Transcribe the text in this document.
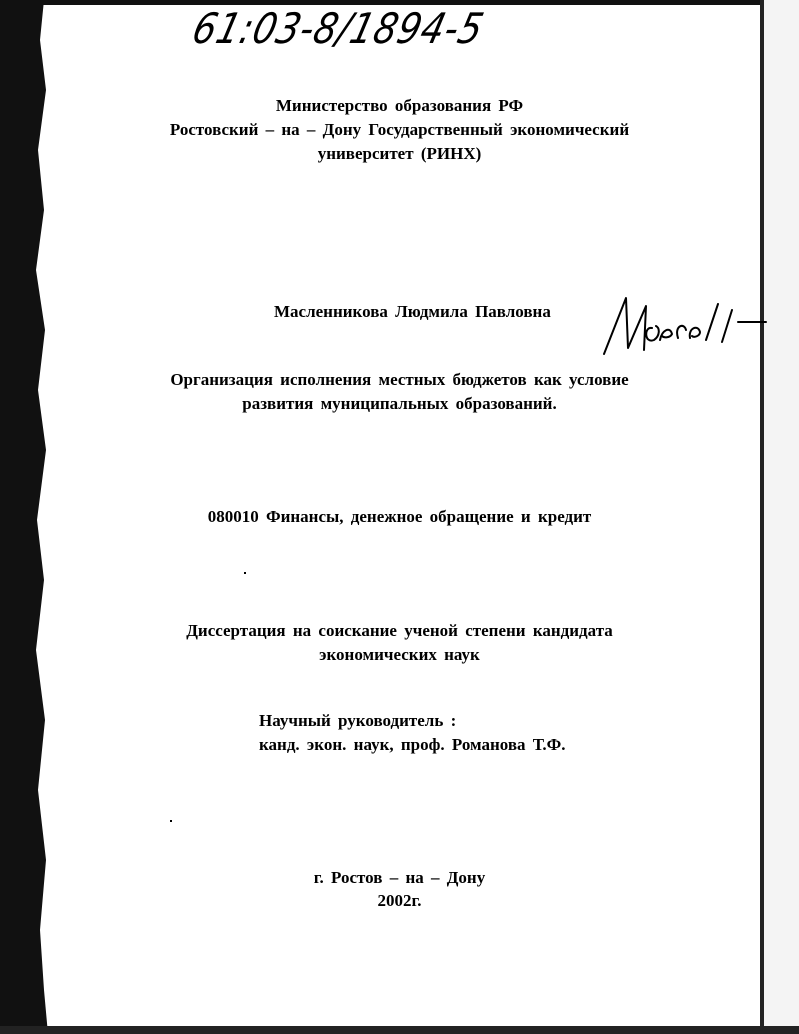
61:03-8/1894-5
Министерство образования РФ
Ростовский – на – Дону Государственный экономический
университет (РИНХ)
Масленникова Людмила Павловна
Организация исполнения местных бюджетов как условие
развития муниципальных образований.
080010 Финансы, денежное обращение и кредит
Диссертация на соискание ученой степени кандидата
экономических наук
Научный руководитель :
канд. экон. наук, проф. Романова Т.Ф.
г. Ростов – на – Дону
2002г.
